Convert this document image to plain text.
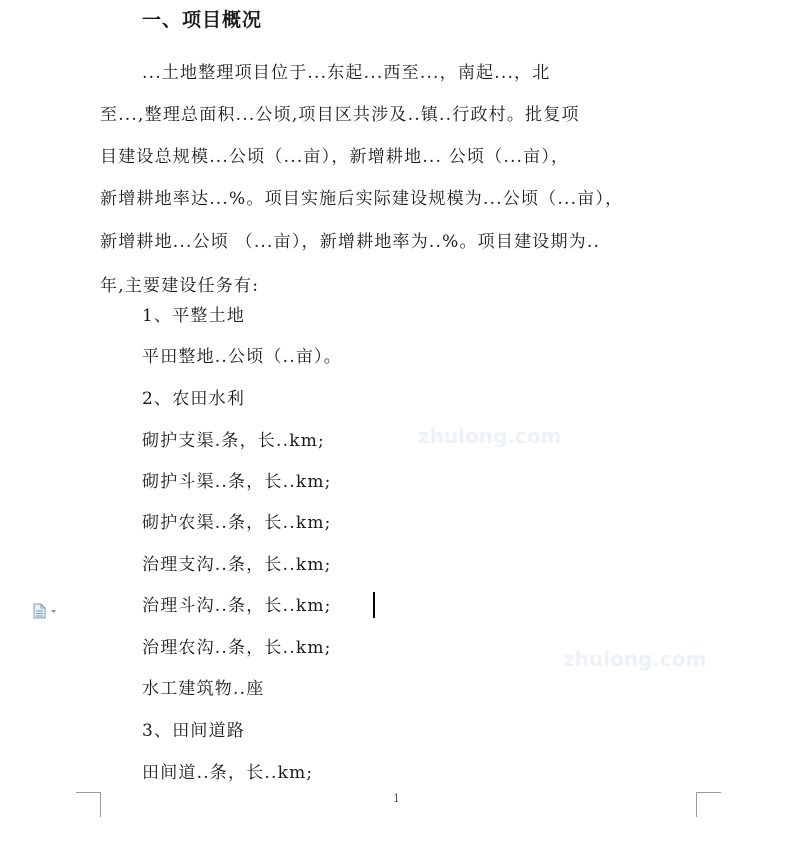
一、项目概况
...土地整理项目位于...东起...西至...，南起...，北
至...,整理总面积...公顷,项目区共涉及..镇..行政村。批复项
目建设总规模...公顷（...亩），新增耕地... 公顷（...亩），
新增耕地率达...%。项目实施后实际建设规模为...公顷（...亩），
新增耕地...公顷 （...亩），新增耕地率为..%。项目建设期为..
年,主要建设任务有:
1、平整土地
平田整地..公顷（..亩）。
2、农田水利
砌护支渠.条，长..km;
砌护斗渠..条，长..km;
砌护农渠..条，长..km;
治理支沟..条，长..km;
治理斗沟..条，长..km;
治理农沟..条，长..km;
水工建筑物..座
3、田间道路
田间道..条，长..km;
zhulong.com
zhulong.com
1
